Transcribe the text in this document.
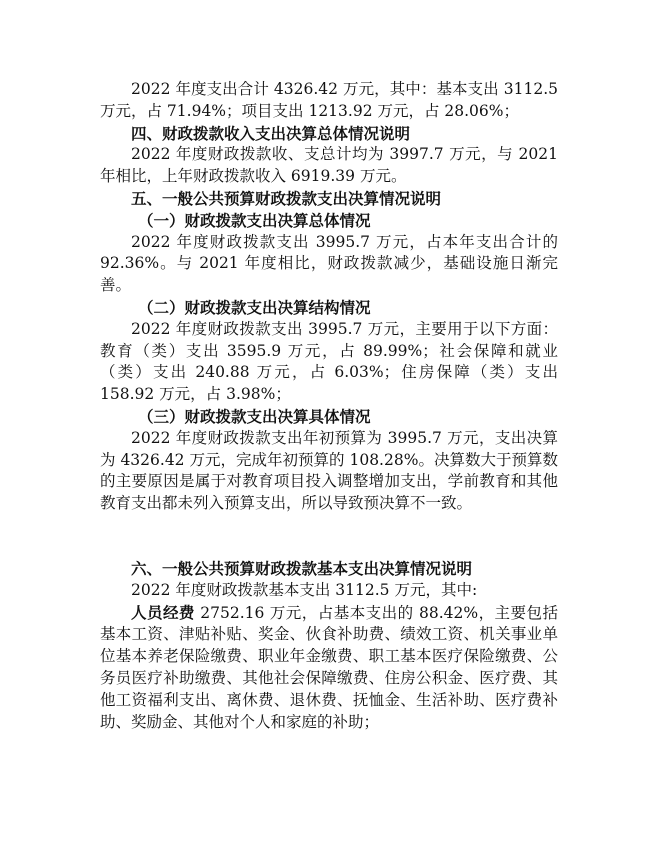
2022 年度支出合计 4326.42 万元，其中：基本支出 3112.5 万元，占 71.94%；项目支出 1213.92 万元，占 28.06%；

四、财政拨款收入支出决算总体情况说明

2022 年度财政拨款收、支总计均为 3997.7 万元，与 2021 年相比，上年财政拨款收入 6919.39 万元。

五、一般公共预算财政拨款支出决算情况说明

（一）财政拨款支出决算总体情况

2022 年度财政拨款支出 3995.7 万元，占本年支出合计的 92.36%。与 2021 年度相比，财政拨款减少，基础设施日渐完善。

（二）财政拨款支出决算结构情况

2022 年度财政拨款支出 3995.7 万元，主要用于以下方面：教育（类）支出 3595.9 万元，占 89.99%；社会保障和就业（类）支出 240.88 万元，占 6.03%；住房保障（类）支出 158.92 万元，占 3.98%；

（三）财政拨款支出决算具体情况

2022 年度财政拨款支出年初预算为 3995.7 万元，支出决算为 4326.42 万元，完成年初预算的 108.28%。决算数大于预算数的主要原因是属于对教育项目投入调整增加支出，学前教育和其他教育支出都未列入预算支出，所以导致预决算不一致。

六、一般公共预算财政拨款基本支出决算情况说明

2022 年度财政拨款基本支出 3112.5 万元，其中:

人员经费 2752.16 万元，占基本支出的 88.42%，主要包括基本工资、津贴补贴、奖金、伙食补助费、绩效工资、机关事业单位基本养老保险缴费、职业年金缴费、职工基本医疗保险缴费、公务员医疗补助缴费、其他社会保障缴费、住房公积金、医疗费、其他工资福利支出、离休费、退休费、抚恤金、生活补助、医疗费补助、奖励金、其他对个人和家庭的补助；
